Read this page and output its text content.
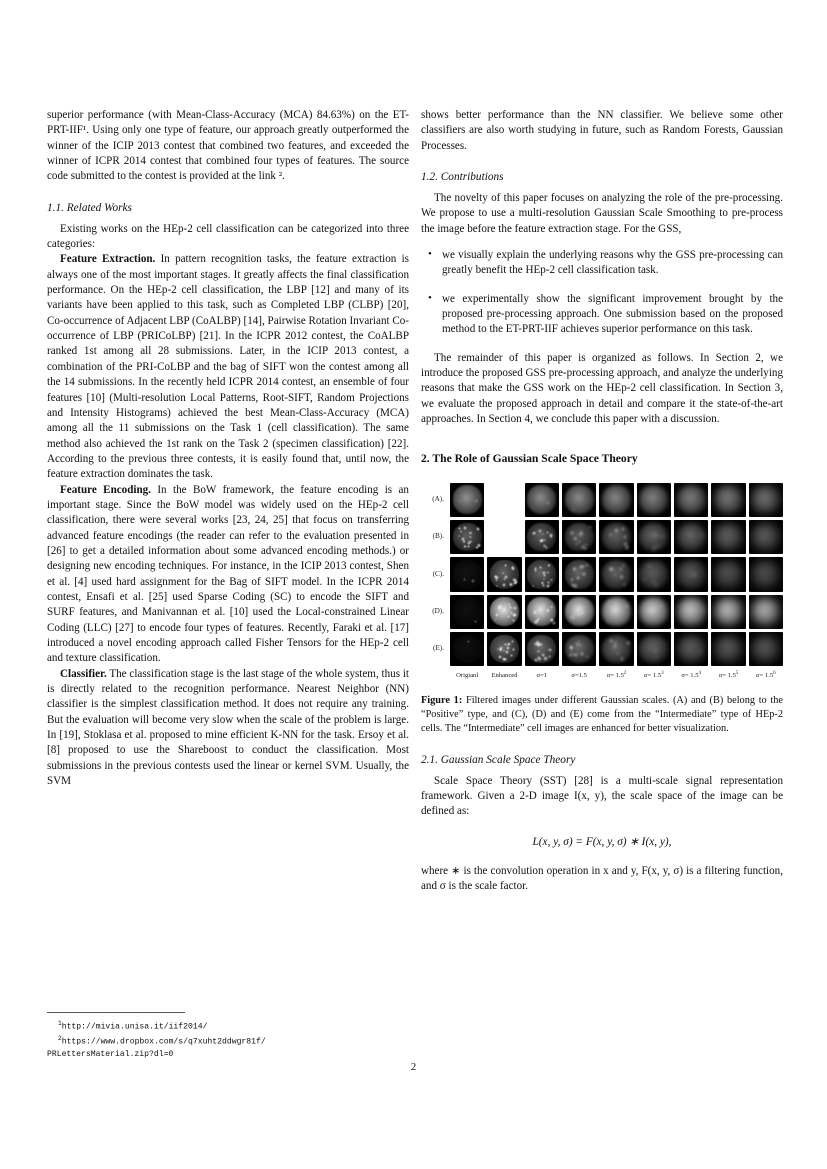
superior performance (with Mean-Class-Accuracy (MCA) 84.63%) on the ET-PRT-IIF¹. Using only one type of feature, our approach greatly outperformed the winner of the ICIP 2013 contest that combined two features, and exceeded the winner of ICPR 2014 contest that combined four types of features. The source code submitted to the contest is provided at the link ².

1.1. Related Works

Existing works on the HEp-2 cell classification can be categorized into three categories:

Feature Extraction. In pattern recognition tasks, the feature extraction is always one of the most important stages. It greatly affects the final classification performance. On the HEp-2 cell classification, the LBP [12] and many of its variants have been applied to this task, such as Completed LBP (CLBP) [20], Co-occurrence of Adjacent LBP (CoALBP) [14], Pairwise Rotation Invariant Co-occurrence of LBP (PRICoLBP) [21]. In the ICPR 2012 contest, the CoALBP ranked 1st among all 28 submissions. Later, in the ICIP 2013 contest, a combination of the PRI-CoLBP and the bag of SIFT won the contest among all the 14 submissions. In the recently held ICPR 2014 contest, an ensemble of four features [10] (Multi-resolution Local Patterns, Root-SIFT, Random Projections and Intensity Histograms) achieved the best Mean-Class-Accuracy (MCA) among all the 11 submissions on the Task 1 (cell classification). The same method also achieved the 1st rank on the Task 2 (specimen classification) [22]. According to the previous three contests, it is easily found that, until now, the feature extraction dominates the task.

Feature Encoding. In the BoW framework, the feature encoding is an important stage. Since the BoW model was widely used on the HEp-2 cell classification, there were several works [23, 24, 25] that focus on transferring advanced feature encodings (the reader can refer to the evaluation presented in [26] to get a detailed information about some advanced encoding methods.) or designing new encoding techniques. For instance, in the ICIP 2013 contest, Shen et al. [4] used hard assignment for the Bag of SIFT model. In the ICPR 2014 contest, Ensafi et al. [25] used Sparse Coding (SC) to encode the SIFT and SURF features, and Manivannan et al. [10] used the Local-constrained Linear Coding (LLC) [27] to encode four types of features. Recently, Faraki et al. [17] introduced a novel encoding approach called Fisher Tensors for the HEp-2 cell and texture classification.

Classifier. The classification stage is the last stage of the whole system, thus it is directly related to the recognition performance. Nearest Neighbor (NN) classifier is the simplest classification method. It does not require any training. But the evaluation will become very slow when the scale of the problem is large. In [19], Stoklasa et al. proposed to mine efficient K-NN for the task. Ersoy et al. [8] proposed to use the Shareboost to conduct the classification. Most submissions in the previous contests used the linear or kernel SVM. Usually, the SVM

shows better performance than the NN classifier. We believe some other classifiers are also worth studying in future, such as Random Forests, Gaussian Processes.

1.2. Contributions

The novelty of this paper focuses on analyzing the role of the pre-processing. We propose to use a multi-resolution Gaussian Scale Smoothing to pre-process the image before the feature extraction stage. For the GSS,

• we visually explain the underlying reasons why the GSS pre-processing can greatly benefit the HEp-2 cell classification task.
• we experimentally show the significant improvement brought by the proposed pre-processing approach. One submission based on the proposed method to the ET-PRT-IIF achieves superior performance on this task.

The remainder of this paper is organized as follows. In Section 2, we introduce the proposed GSS pre-processing approach, and analyze the underlying reasons that make the GSS work on the HEp-2 cell classification. In Section 3, we evaluate the proposed approach in detail and compare it the state-of-the-art approaches. In Section 4, we conclude this paper with a discussion.

2. The Role of Gaussian Scale Space Theory
(A).
(B).
(C).
(D).
(E).
Origianl	Enhanced	σ=1	σ=1.5	$\sigma= 1.5^2$	$\sigma= 1.5^3$	$\sigma= 1.5^4$	$\sigma= 1.5^5$	$\sigma= 1.5^6$

Figure 1: Filtered images under different Gaussian scales. (A) and (B) belong to the “Positive” type, and (C), (D) and (E) come from the “Intermediate” type of HEp-2 cells. The “Intermediate” cell images are enhanced for better visualization.

2.1. Gaussian Scale Space Theory

Scale Space Theory (SST) [28] is a multi-scale signal representation framework. Given a 2-D image I(x, y), the scale space of the image can be defined as:

L(x, y, σ) = F(x, y, σ) ∗ I(x, y),

where ∗ is the convolution operation in x and y, F(x, y, σ) is a filtering function, and σ is the scale factor.

$^1$http://mivia.unisa.it/iif2014/

$^2$https://www.dropbox.com/s/q7xuht2ddwgr81f/

PRLettersMaterial.zip?dl=0

2
